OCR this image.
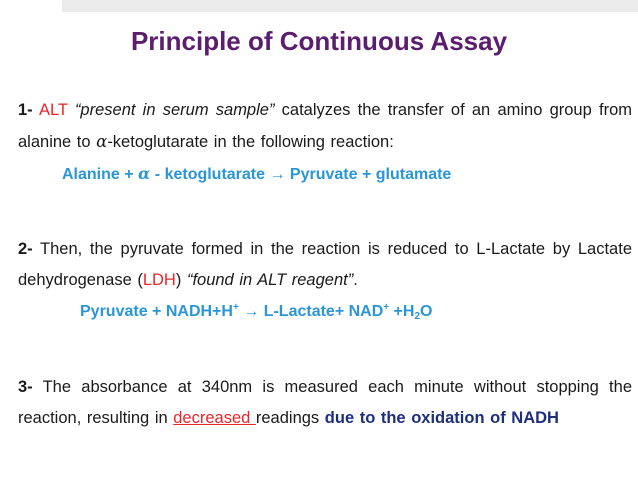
Principle of Continuous Assay
1- ALT “present in serum sample” catalyzes the transfer of an amino group from alanine to α-ketoglutarate in the following reaction:
Alanine + α - ketoglutarate → Pyruvate + glutamate
2- Then, the pyruvate formed in the reaction is reduced to L-Lactate by Lactate dehydrogenase (LDH) “found in ALT reagent”.
Pyruvate + NADH+H+ → L-Lactate+ $NAD^+ +H_2O$
3- The absorbance at 340nm is measured each minute without stopping the reaction, resulting in decreased readings due to the oxidation of NADH
